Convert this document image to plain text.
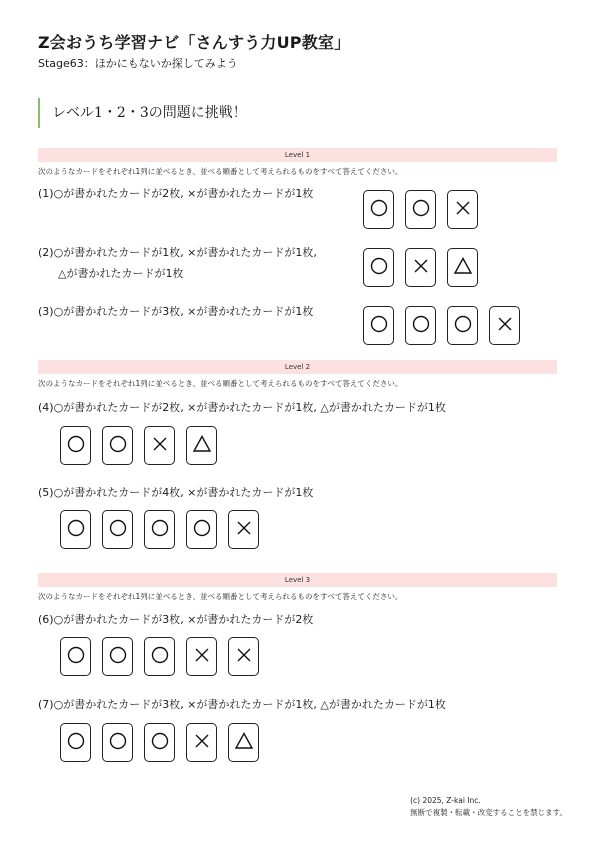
Z会おうち学習ナビ「さんすう力UP教室」
Stage63：ほかにもないか探してみよう
レベル1・2・3の問題に挑戦！
Level 1
次のようなカードをそれぞれ1列に並べるとき、並べる順番として考えられるものをすべて答えてください。
(1)○が書かれたカードが2枚, ×が書かれたカードが1枚
(2)○が書かれたカードが1枚, ×が書かれたカードが1枚,
△が書かれたカードが1枚
(3)○が書かれたカードが3枚, ×が書かれたカードが1枚
Level 2
次のようなカードをそれぞれ1列に並べるとき、並べる順番として考えられるものをすべて答えてください。
(4)○が書かれたカードが2枚, ×が書かれたカードが1枚, △が書かれたカードが1枚
(5)○が書かれたカードが4枚, ×が書かれたカードが1枚
Level 3
次のようなカードをそれぞれ1列に並べるとき、並べる順番として考えられるものをすべて答えてください。
(6)○が書かれたカードが3枚, ×が書かれたカードが2枚
(7)○が書かれたカードが3枚, ×が書かれたカードが1枚, △が書かれたカードが1枚
(c) 2025, Z-kai Inc.
無断で複製・転載・改変することを禁じます。
